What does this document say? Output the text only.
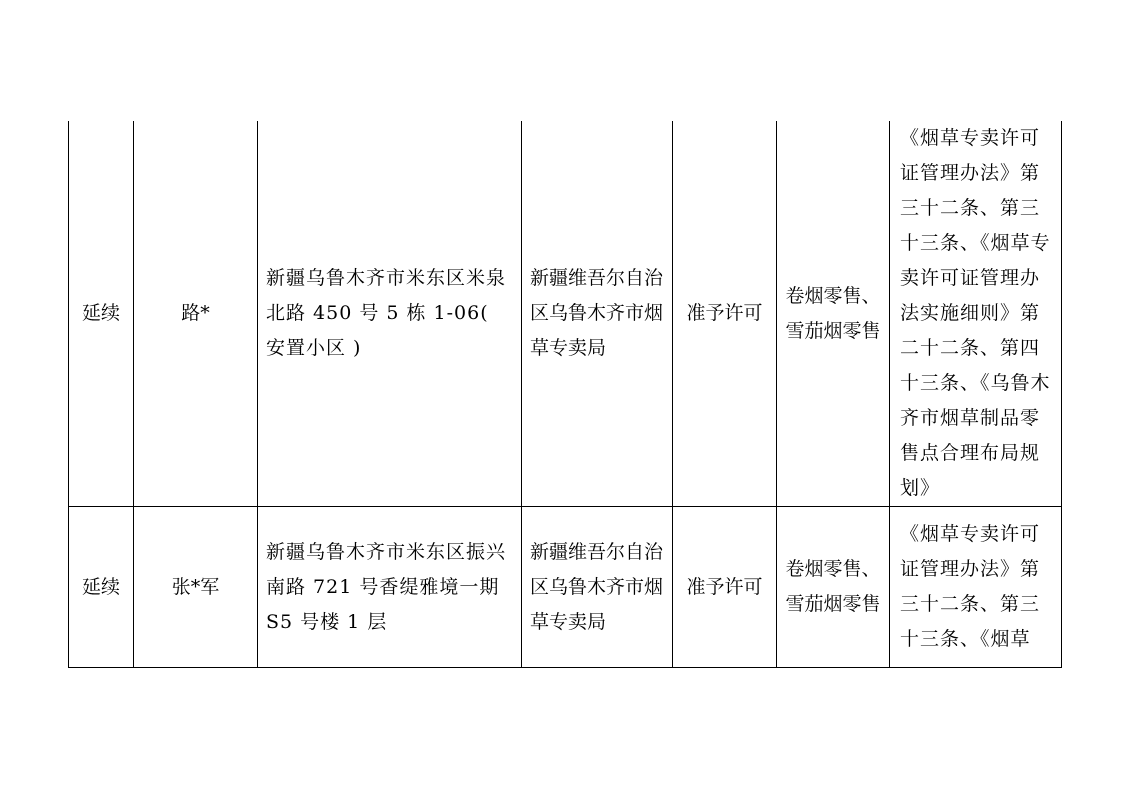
延续	路*	新疆乌鲁木齐市米东区米泉北路 450 号 5 栋 1-06( 安置小区 )	新疆维吾尔自治区乌鲁木齐市烟草专卖局	准予许可	卷烟零售、雪茄烟零售	《烟草专卖许可证管理办法》第三十二条、第三十三条、《烟草专卖许可证管理办法实施细则》第二十二条、第四十三条、《乌鲁木齐市烟草制品零售点合理布局规划》
延续	张*军	新疆乌鲁木齐市米东区振兴南路 721 号香缇雅境一期 S5 号楼 1 层	新疆维吾尔自治区乌鲁木齐市烟草专卖局	准予许可	卷烟零售、雪茄烟零售	《烟草专卖许可证管理办法》第三十二条、第三十三条、《烟草
